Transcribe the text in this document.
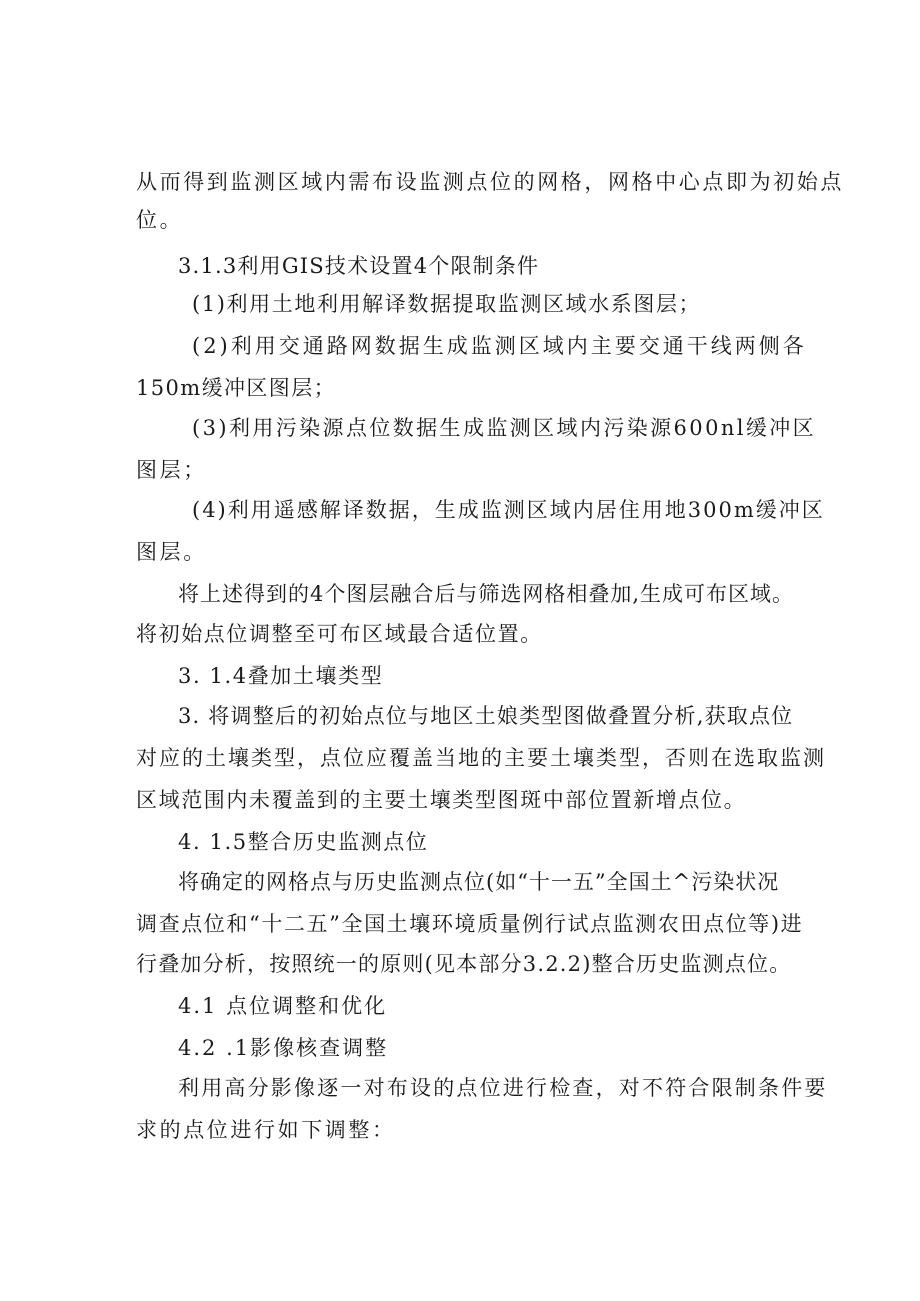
从而得到监测区域内需布设监测点位的网格，网格中心点即为初始点
位。
3.1.3利用GIS技术设置4个限制条件
(1)利用土地利用解译数据提取监测区域水系图层；
(2)利用交通路网数据生成监测区域内主要交通干线两侧各
150m缓冲区图层；
(3)利用污染源点位数据生成监测区域内污染源600nl缓冲区
图层；
(4)利用遥感解译数据，生成监测区域内居住用地300m缓冲区
图层。
将上述得到的4个图层融合后与筛选网格相叠加,生成可布区域。
将初始点位调整至可布区域最合适位置。
3. 1.4叠加土壤类型
3. 将调整后的初始点位与地区土娘类型图做叠置分析,获取点位
对应的土壤类型，点位应覆盖当地的主要土壤类型，否则在选取监测
区域范围内未覆盖到的主要土壤类型图斑中部位置新增点位。
4. 1.5整合历史监测点位
将确定的网格点与历史监测点位(如“十一五”全国土^污染状况
调查点位和“十二五”全国土壤环境质量例行试点监测农田点位等)进
行叠加分析，按照统一的原则(见本部分3.2.2)整合历史监测点位。
4.1 点位调整和优化
4.2 .1影像核查调整
利用高分影像逐一对布设的点位进行检查，对不符合限制条件要
求的点位进行如下调整：
